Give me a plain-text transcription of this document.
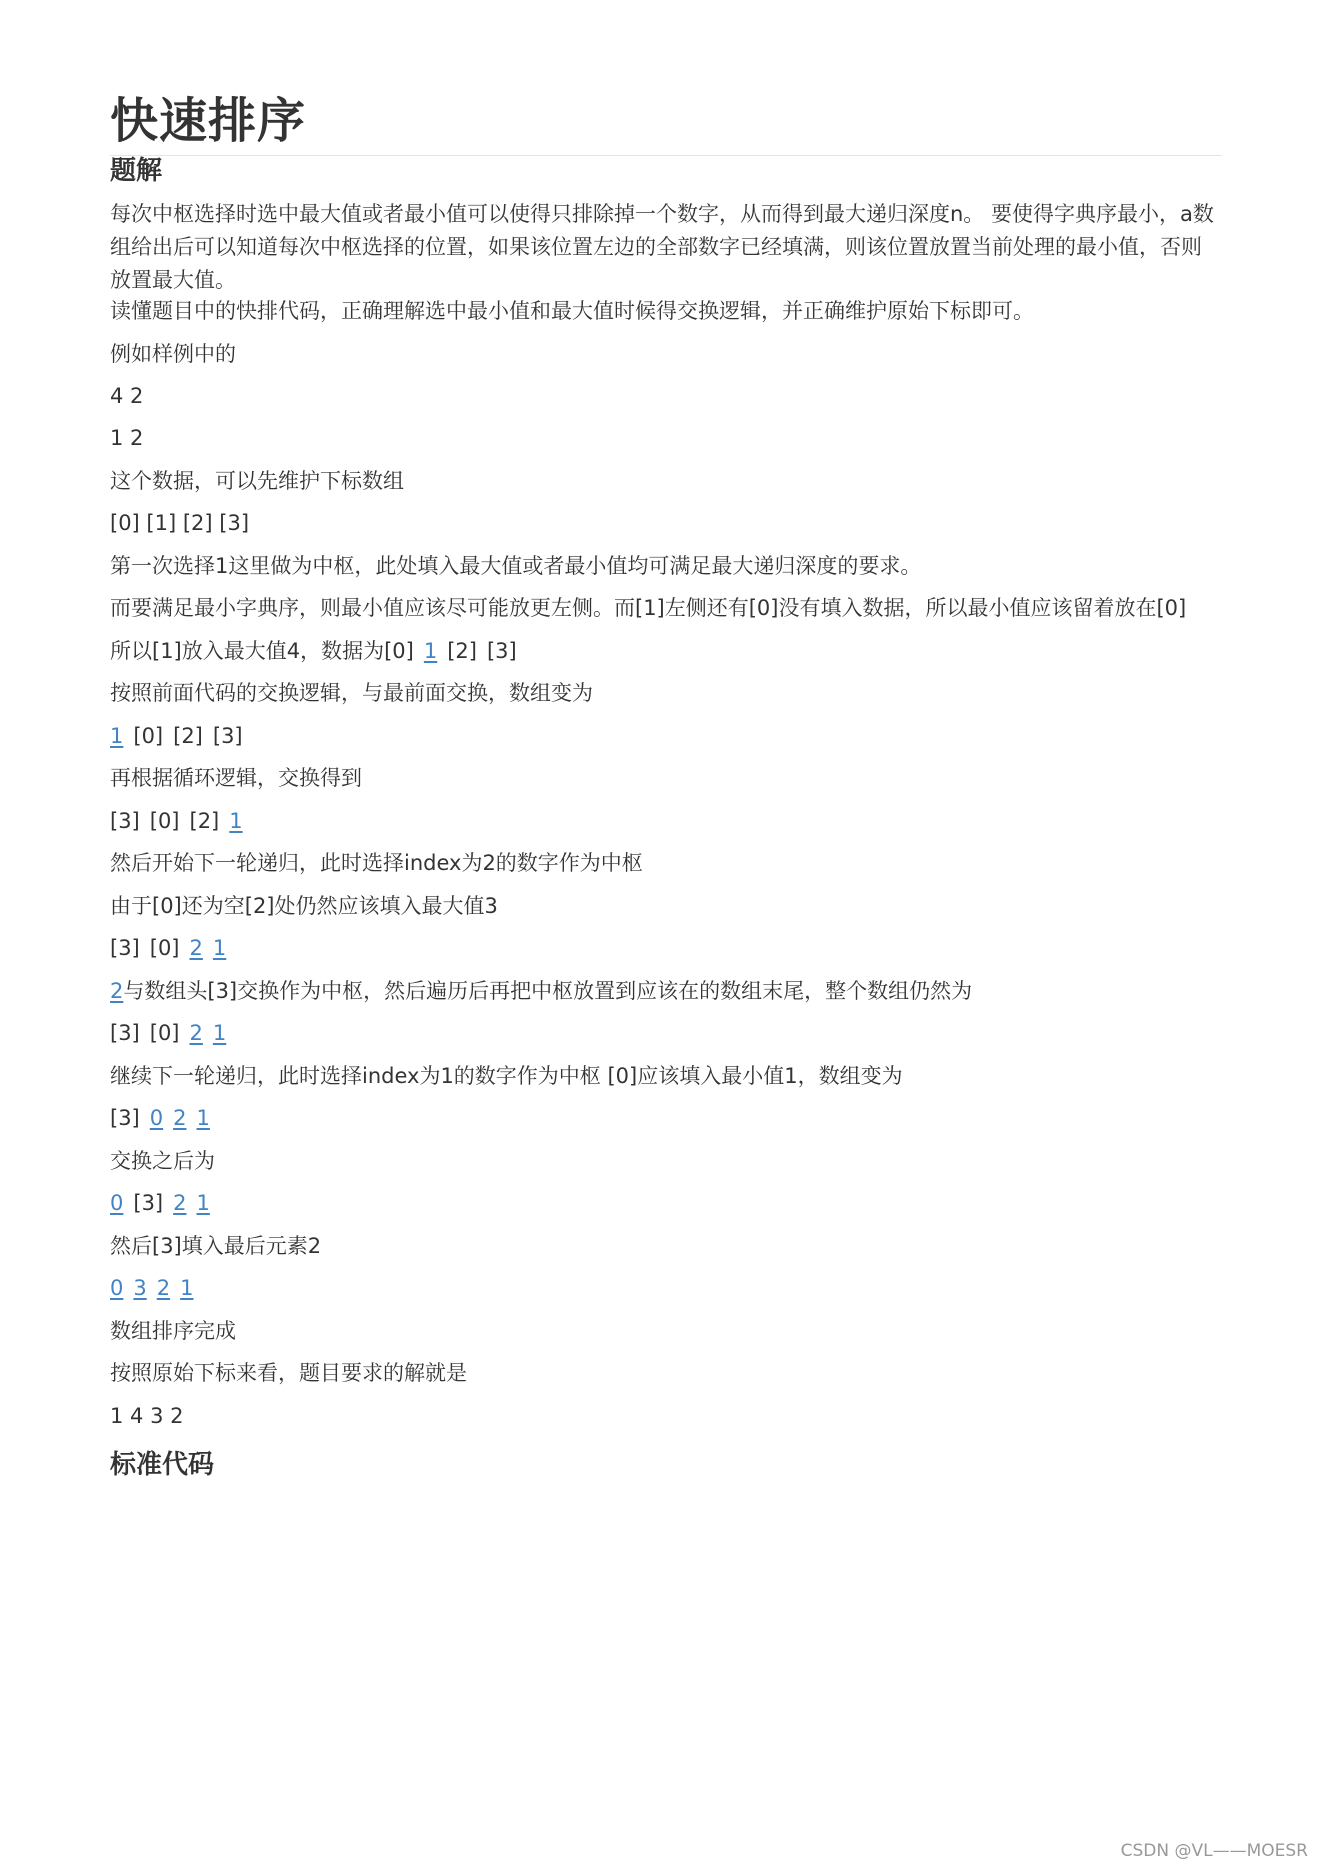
快速排序
题解
每次中枢选择时选中最大值或者最小值可以使得只排除掉一个数字，从而得到最大递归深度n。 要使得字典序最小，a数组给出后可以知道每次中枢选择的位置，如果该位置左边的全部数字已经填满，则该位置放置当前处理的最小值，否则放置最大值。
读懂题目中的快排代码，正确理解选中最小值和最大值时候得交换逻辑，并正确维护原始下标即可。
例如样例中的
4 2
1 2
这个数据，可以先维护下标数组
[0] [1] [2] [3]
第一次选择1这里做为中枢，此处填入最大值或者最小值均可满足最大递归深度的要求。
而要满足最小字典序，则最小值应该尽可能放更左侧。而[1]左侧还有[0]没有填入数据，所以最小值应该留着放在[0]
所以[1]放入最大值4，数据为[0] 1 [2] [3]
按照前面代码的交换逻辑，与最前面交换，数组变为
1 [0] [2] [3]
再根据循环逻辑，交换得到
[3] [0] [2] 1
然后开始下一轮递归，此时选择index为2的数字作为中枢
由于[0]还为空[2]处仍然应该填入最大值3
[3] [0] 2 1
2与数组头[3]交换作为中枢，然后遍历后再把中枢放置到应该在的数组末尾，整个数组仍然为
[3] [0] 2 1
继续下一轮递归，此时选择index为1的数字作为中枢 [0]应该填入最小值1，数组变为
[3] 0 2 1
交换之后为
0 [3] 2 1
然后[3]填入最后元素2
0 3 2 1
数组排序完成
按照原始下标来看，题目要求的解就是
1 4 3 2
标准代码
CSDN @VL——MOESR
